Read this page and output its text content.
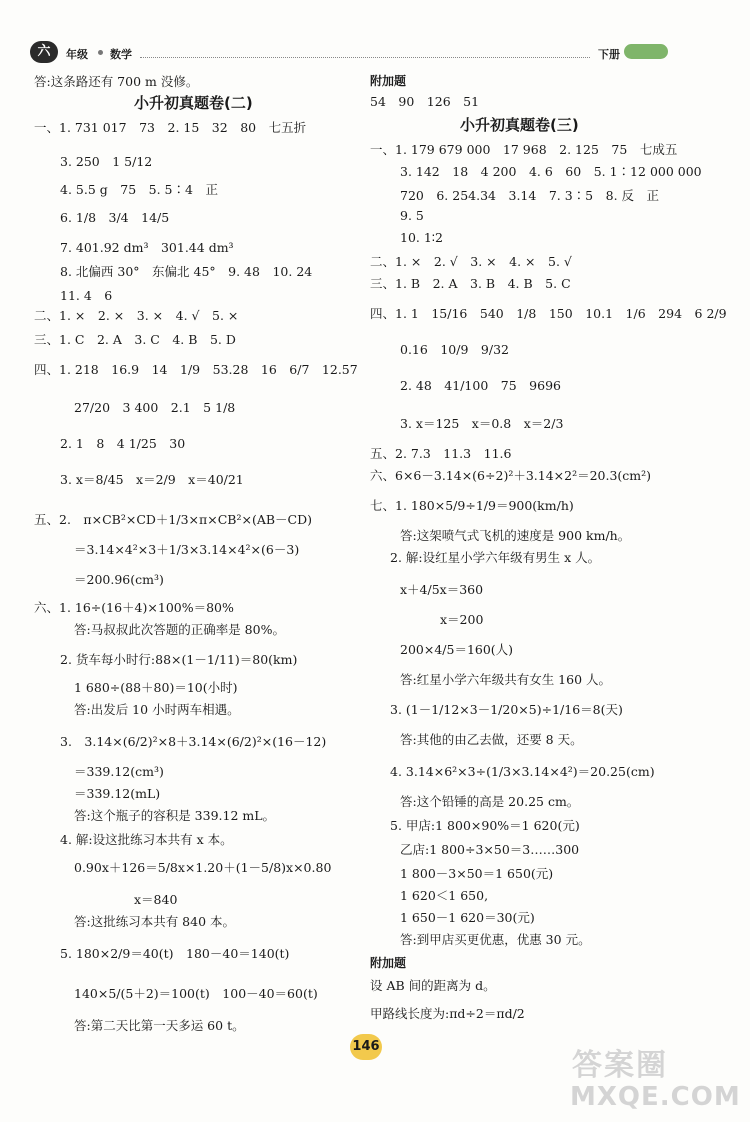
六	年级 数学	下册
答:这条路还有 700 m 没修。
小升初真题卷(二)
一、1. 731 017　73　2. 15　32　80　七五折
3. 250　1 5/12
4. 5.5 g　75　5. 5∶4　正
6. 1/8　3/4　14/5
7. 401.92 dm³　301.44 dm³
8. 北偏西 30°　东偏北 45°　9. 48　10. 24
11. 4　6
二、1. ×　2. ×　3. ×　4. √　5. ×
三、1. C　2. A　3. C　4. B　5. D
四、1. 218　16.9　14　1/9　53.28　16　6/7　12.57
27/20　3 400　2.1　5 1/8
2. 1　8　4 1/25　30
3. x＝8/45　x＝2/9　x＝40/21
五、2.　π×CB²×CD＋1/3×π×CB²×(AB－CD)
＝3.14×4²×3＋1/3×3.14×4²×(6－3)
＝200.96(cm³)
六、1. 16÷(16＋4)×100%＝80%
答:马叔叔此次答题的正确率是 80%。
2. 货车每小时行:88×(1－1/11)＝80(km)
1 680÷(88＋80)＝10(小时)
答:出发后 10 小时两车相遇。
3.　3.14×(6/2)²×8＋3.14×(6/2)²×(16－12)
＝339.12(cm³)
＝339.12(mL)
答:这个瓶子的容积是 339.12 mL。
4. 解:设这批练习本共有 x 本。
0.90x＋126＝5/8x×1.20＋(1－5/8)x×0.80
x＝840
答:这批练习本共有 840 本。
5. 180×2/9＝40(t)　180－40＝140(t)
140×5/(5＋2)＝100(t)　100－40＝60(t)
答:第二天比第一天多运 60 t。
附加题
54　90　126　51
小升初真题卷(三)
一、1. 179 679 000　17 968　2. 125　75　七成五
3. 142　18　4 200　4. 6　60　5. 1∶12 000 000
720　6. 254.34　3.14　7. 3∶5　8. 反　正
9. 5
10. 1∶2
二、1. ×　2. √　3. ×　4. ×　5. √
三、1. B　2. A　3. B　4. B　5. C
四、1. 1　15/16　540　1/8　150　10.1　1/6　294　6 2/9
0.16　10/9　9/32
2. 48　41/100　75　9696
3. x＝125　x＝0.8　x＝2/3
五、2. 7.3　11.3　11.6
六、6×6－3.14×(6÷2)²＋3.14×2²＝20.3(cm²)
七、1. 180×5/9÷1/9＝900(km/h)
答:这架喷气式飞机的速度是 900 km/h。
2. 解:设红星小学六年级有男生 x 人。
x＋4/5x＝360
x＝200
200×4/5＝160(人)
答:红星小学六年级共有女生 160 人。
3. (1－1/12×3－1/20×5)÷1/16＝8(天)
答:其他的由乙去做，还要 8 天。
4. 3.14×6²×3÷(1/3×3.14×4²)＝20.25(cm)
答:这个铅锤的高是 20.25 cm。
5. 甲店:1 800×90%＝1 620(元)
乙店:1 800÷3×50＝3……300
1 800－3×50＝1 650(元)
1 620＜1 650,
1 650－1 620＝30(元)
答:到甲店买更优惠，优惠 30 元。
附加题
设 AB 间的距离为 d。
甲路线长度为:πd÷2＝πd/2
146
答案圈
MXQE.COM
